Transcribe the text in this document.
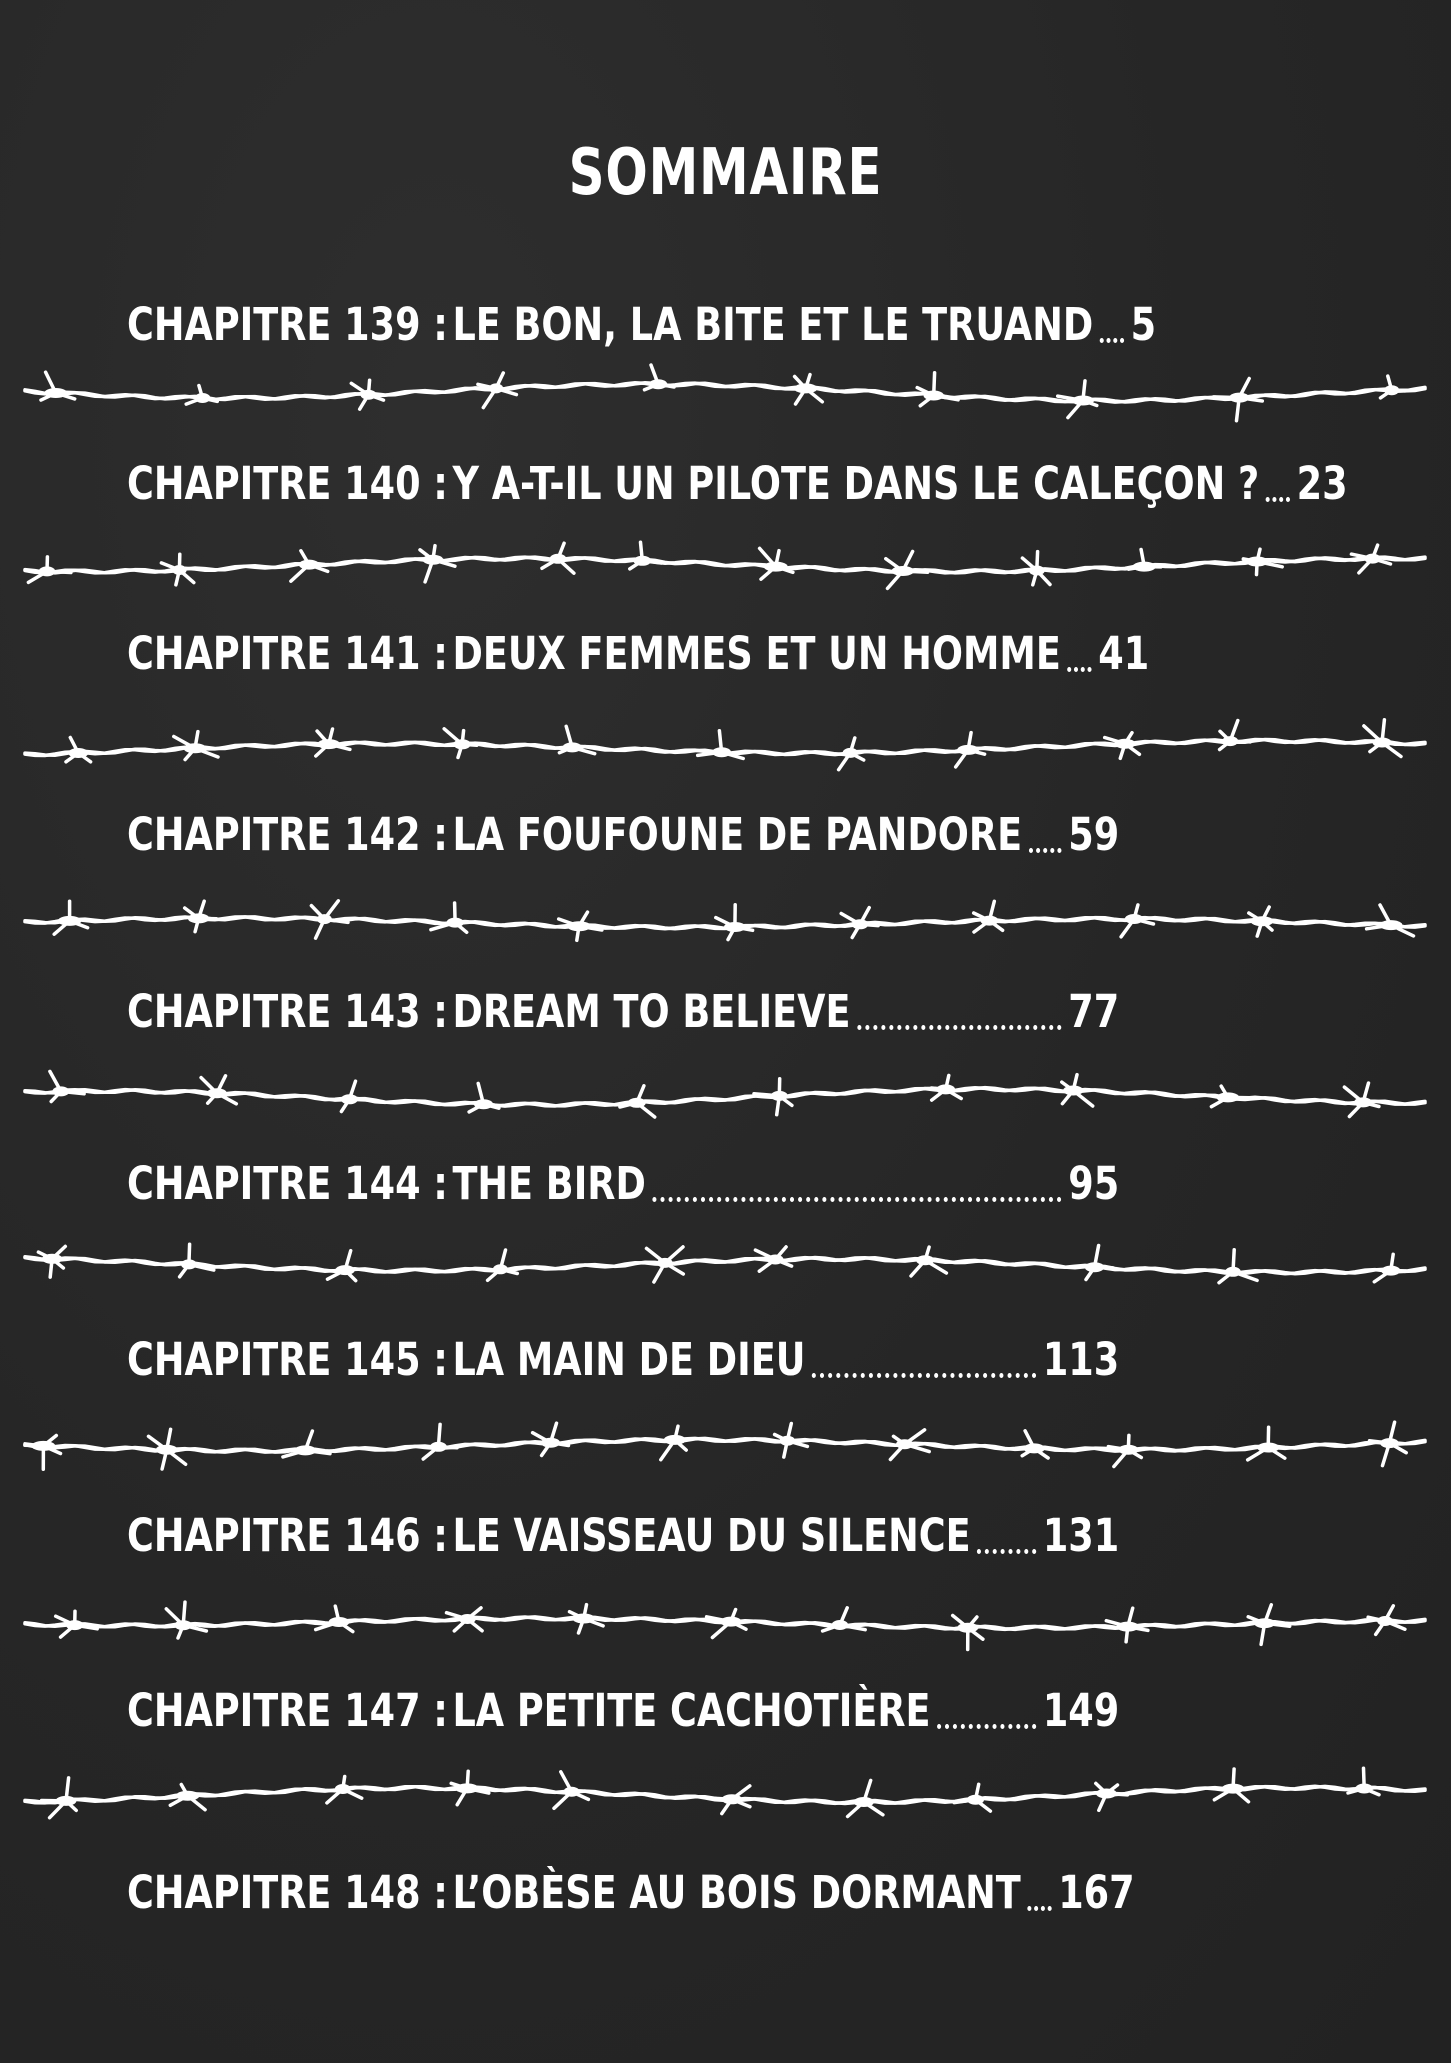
SOMMAIRE
CHAPITRE 139 :
LE BON, LA BITE ET LE TRUAND 5
CHAPITRE 140 :
Y A-T-IL UN PILOTE DANS LE CALEÇON ? 23
CHAPITRE 141 :
DEUX FEMMES ET UN HOMME 41
CHAPITRE 142 :
LA FOUFOUNE DE PANDORE 59
CHAPITRE 143 :
DREAM TO BELIEVE	77
CHAPITRE 144 :
THE BIRD	95
CHAPITRE 145 :
LA MAIN DE DIEU	113
CHAPITRE 146 :
LE VAISSEAU DU SILENCE 131
CHAPITRE 147 :
LA PETITE CACHOTIÈRE 149
CHAPITRE 148 :
L’OBÈSE AU BOIS DORMANT 167
